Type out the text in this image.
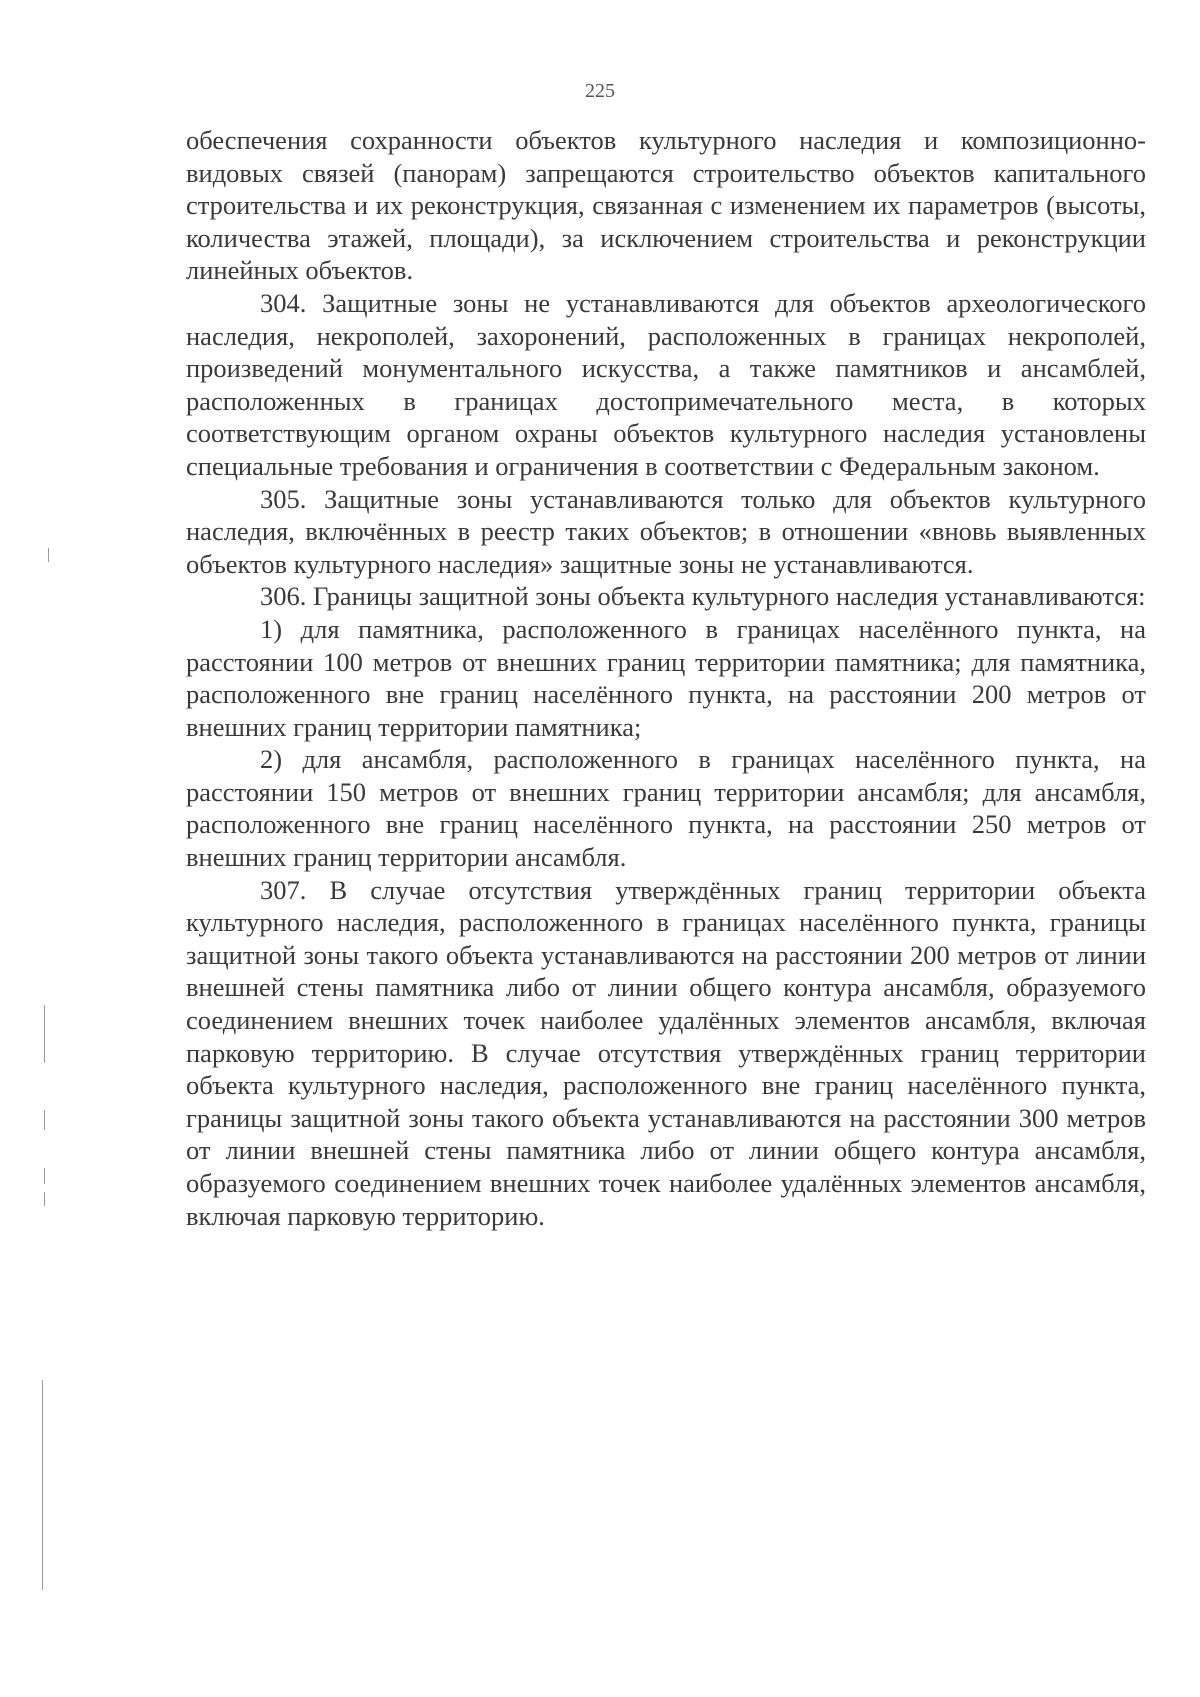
225

обеспечения сохранности объектов культурного наследия и композиционно-видовых связей (панорам) запрещаются строительство объектов капитального строительства и их реконструкция, связанная с изменением их параметров (высоты, количества этажей, площади), за исключением строительства и реконструкции линейных объектов.

304. Защитные зоны не устанавливаются для объектов археологического наследия, некрополей, захоронений, расположенных в границах некрополей, произведений монументального искусства, а также памятников и ансамблей, расположенных в границах достопримечательного места, в которых соответствующим органом охраны объектов культурного наследия установлены специальные требования и ограничения в соответствии с Федеральным законом.

305. Защитные зоны устанавливаются только для объектов культурного наследия, включённых в реестр таких объектов; в отношении «вновь выявленных объектов культурного наследия» защитные зоны не устанавливаются.

306. Границы защитной зоны объекта культурного наследия устанавливаются:

1) для памятника, расположенного в границах населённого пункта, на расстоянии 100 метров от внешних границ территории памятника; для памятника, расположенного вне границ населённого пункта, на расстоянии 200 метров от внешних границ территории памятника;

2) для ансамбля, расположенного в границах населённого пункта, на расстоянии 150 метров от внешних границ территории ансамбля; для ансамбля, расположенного вне границ населённого пункта, на расстоянии 250 метров от внешних границ территории ансамбля.

307. В случае отсутствия утверждённых границ территории объекта культурного наследия, расположенного в границах населённого пункта, границы защитной зоны такого объекта устанавливаются на расстоянии 200 метров от линии внешней стены памятника либо от линии общего контура ансамбля, образуемого соединением внешних точек наиболее удалённых элементов ансамбля, включая парковую территорию. В случае отсутствия утверждённых границ территории объекта культурного наследия, расположенного вне границ населённого пункта, границы защитной зоны такого объекта устанавливаются на расстоянии 300 метров от линии внешней стены памятника либо от линии общего контура ансамбля, образуемого соединением внешних точек наиболее удалённых элементов ансамбля, включая парковую территорию.
